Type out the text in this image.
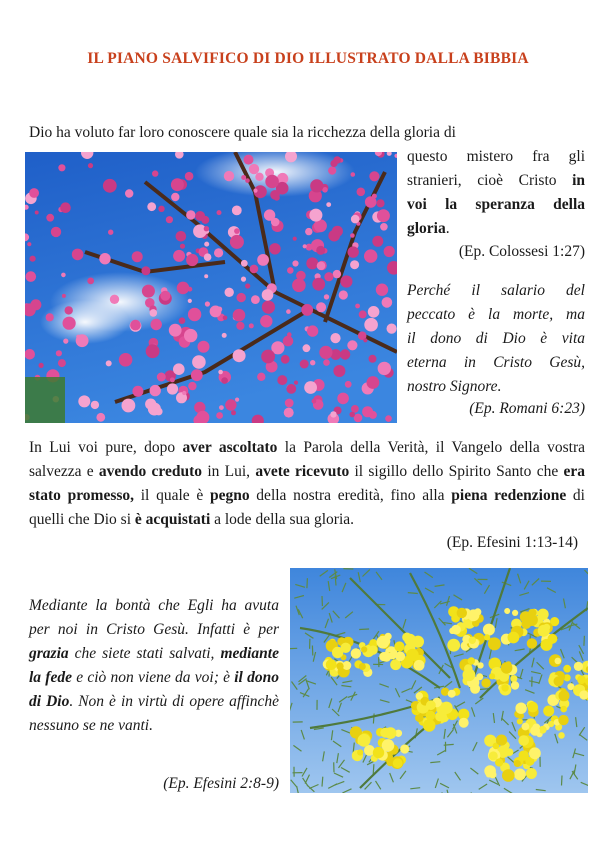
IL PIANO SALVIFICO DI DIO ILLUSTRATO DALLA BIBBIA

Dio ha voluto far loro conoscere quale sia la ricchezza della gloria di

questo mistero fra gli

stranieri, cioè Cristo in

voi la speranza della

gloria.

(Ep. Colossesi 1:27)

Perché il salario del

peccato è la morte, ma

il dono di Dio è vita

eterna in Cristo Gesù,

nostro Signore.

(Ep. Romani 6:23)

In Lui voi pure, dopo aver ascoltato la Parola della Verità, il Vangelo della vostra salvezza e avendo creduto in Lui, avete ricevuto il sigillo dello Spirito Santo che era stato promesso, il quale è pegno della nostra eredità, fino alla piena redenzione di quelli che Dio si è acquistati a lode della sua gloria.

(Ep. Efesini 1:13-14)

Mediante la bontà che Egli ha avuta per noi in Cristo Gesù. Infatti è per grazia che siete stati salvati, mediante la fede e ciò non viene da voi; è il dono di Dio. Non è in virtù di opere affinchè nessuno se ne vanti.

(Ep. Efesini 2:8-9)
